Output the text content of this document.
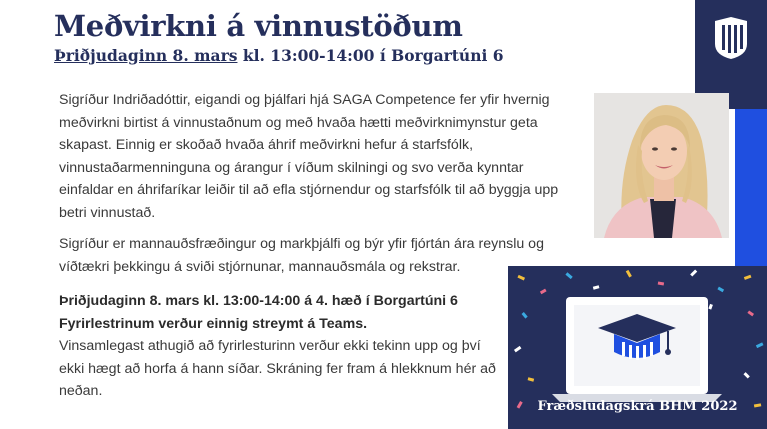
Meðvirkni á vinnustöðum
Þriðjudaginn 8. mars kl. 13:00-14:00 í Borgartúni 6
Sigríður Indriðadóttir, eigandi og þjálfari hjá SAGA Competence fer yfir hvernig meðvirkni birtist á vinnustaðnum og með hvaða hætti meðvirknimynstur geta skapast. Einnig er skoðað hvaða áhrif meðvirkni hefur á starfsfólk, vinnustaðarmenninguna og árangur í víðum skilningi og svo verða kynntar einfaldar en áhrifaríkar leiðir til að efla stjórnendur og starfsfólk til að byggja upp betri vinnustað.
Sigríður er mannauðsfræðingur og markþjálfi og býr yfir fjórtán ára reynslu og víðtækri þekkingu á sviði stjórnunar, mannauðsmála og rekstrar.
Þriðjudaginn 8. mars kl. 13:00-14:00 á 4. hæð í Borgartúni 6
Fyrirlestrinum verður einnig streymt á Teams.
Vinsamlegast athugið að fyrirlesturinn verður ekki tekinn upp og því ekki hægt að horfa á hann síðar. Skráning fer fram á hlekknum hér að neðan.
Fræðsludagskrá BHM 2022
